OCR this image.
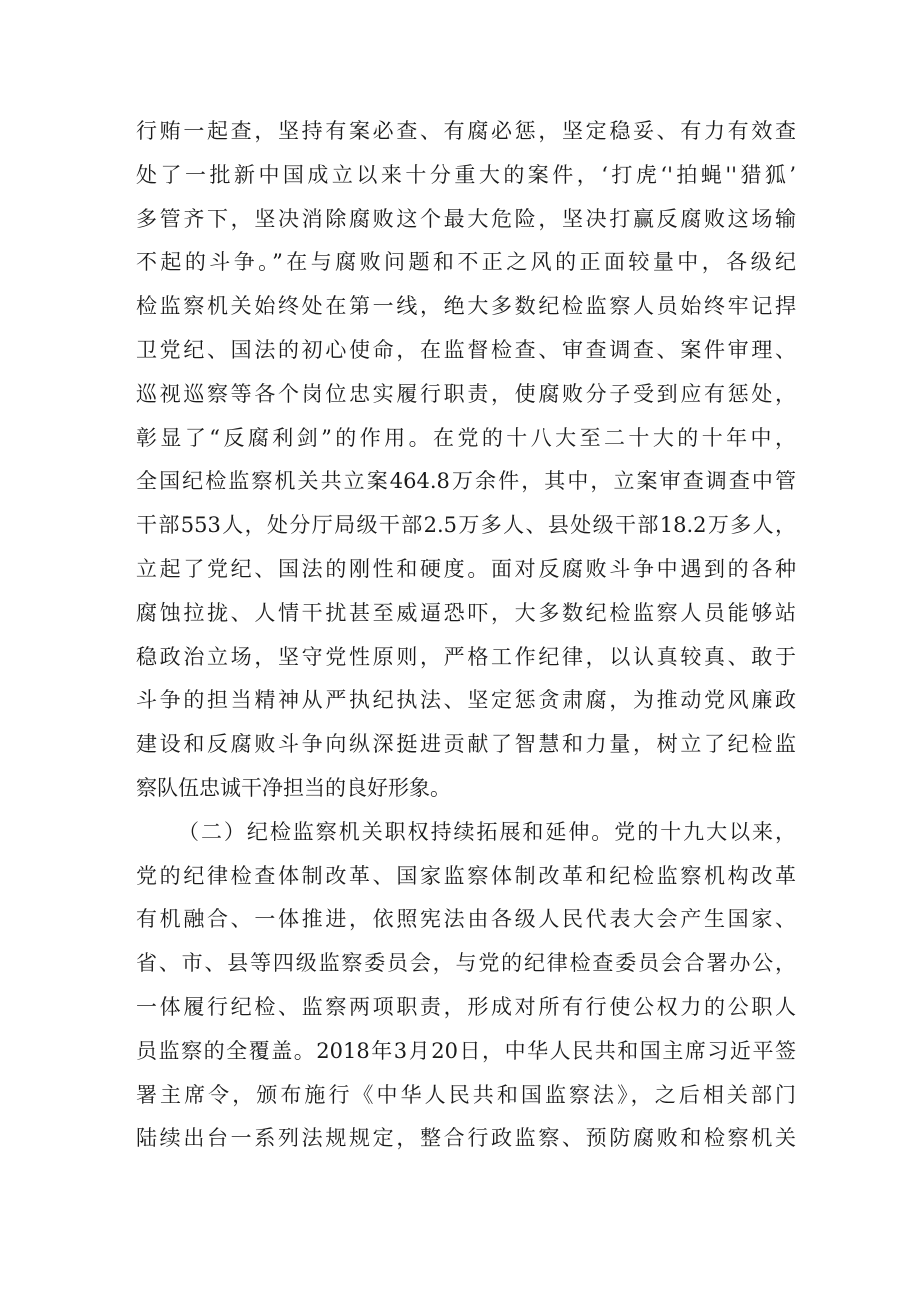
行贿一起查，坚持有案必查、有腐必惩，坚定稳妥、有力有效查
处了一批新中国成立以来十分重大的案件，‘打虎‘'拍蝇''猎狐’
多管齐下，坚决消除腐败这个最大危险，坚决打赢反腐败这场输
不起的斗争。”在与腐败问题和不正之风的正面较量中，各级纪
检监察机关始终处在第一线，绝大多数纪检监察人员始终牢记捍
卫党纪、国法的初心使命，在监督检查、审查调查、案件审理、
巡视巡察等各个岗位忠实履行职责，使腐败分子受到应有惩处，
彰显了“反腐利剑”的作用。在党的十八大至二十大的十年中，
全国纪检监察机关共立案464.8万余件，其中，立案审查调查中管
干部553人，处分厅局级干部2.5万多人、县处级干部18.2万多人，
立起了党纪、国法的刚性和硬度。面对反腐败斗争中遇到的各种
腐蚀拉拢、人情干扰甚至威逼恐吓，大多数纪检监察人员能够站
稳政治立场，坚守党性原则，严格工作纪律，以认真较真、敢于
斗争的担当精神从严执纪执法、坚定惩贪肃腐，为推动党风廉政
建设和反腐败斗争向纵深挺进贡献了智慧和力量，树立了纪检监
察队伍忠诚干净担当的良好形象。
（二）纪检监察机关职权持续拓展和延伸。党的十九大以来，
党的纪律检查体制改革、国家监察体制改革和纪检监察机构改革
有机融合、一体推进，依照宪法由各级人民代表大会产生国家、
省、市、县等四级监察委员会，与党的纪律检查委员会合署办公，
一体履行纪检、监察两项职责，形成对所有行使公权力的公职人
员监察的全覆盖。2018年3月20日，中华人民共和国主席习近平签
署主席令，颁布施行《中华人民共和国监察法》，之后相关部门
陆续出台一系列法规规定，整合行政监察、预防腐败和检察机关
